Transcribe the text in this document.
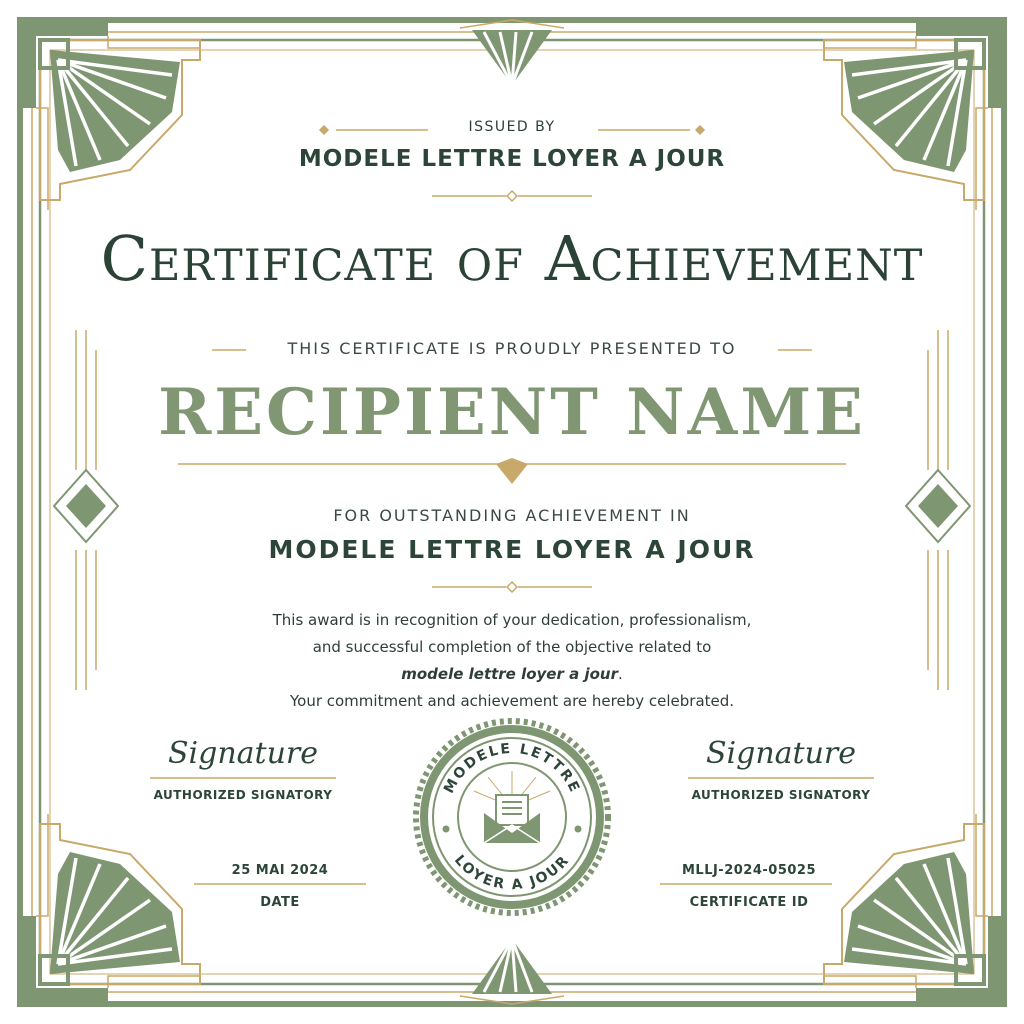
MODELE LETTRE
LOYER A JOUR
ISSUED BY
MODELE LETTRE LOYER A JOUR
Certificate of Achievement
THIS CERTIFICATE IS PROUDLY PRESENTED TO
RECIPIENT NAME
FOR OUTSTANDING ACHIEVEMENT IN
MODELE LETTRE LOYER A JOUR
This award is in recognition of your dedication, professionalism,
and successful completion of the objective related to
modele lettre loyer a jour.
Your commitment and achievement are hereby celebrated.
Signature	Signature
AUTHORIZED SIGNATORY	AUTHORIZED SIGNATORY
25 MAI 2024
DATE
MLLJ-2024-05025
CERTIFICATE ID
